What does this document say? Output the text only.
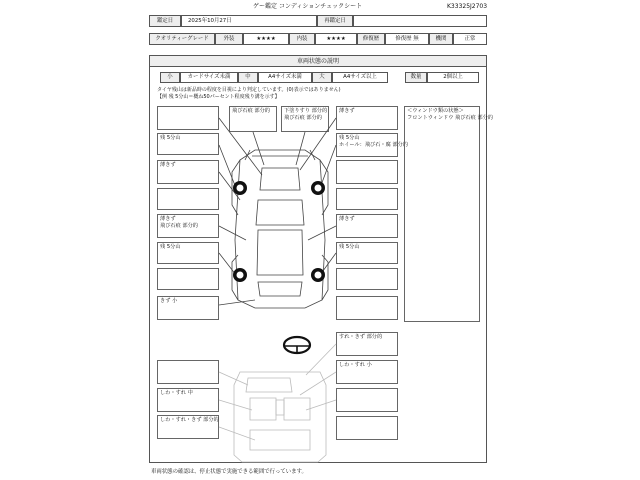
ゲー鑑定 コンディションチェックシート	K33325J2703
鑑定日	2025年10月27日	再鑑定日
クオリティーグレード	外装	★★★★	内装	★★★★	修復歴	修復歴 無	機関	正常
車両状態の説明
小	カードサイズ未満	中	A4サイズ未満	大	A4サイズ以上	数量	2個以上
タイヤ残山は新品時の程度を目視により判定しています。(0)表示ではありません)
【例 残 5分山＝概ね50パーセント程度残り溝を示す】
残 5分山
薄きず
薄きず
飛び石痕 部分的
残 5分山
きず 小
飛び石痕 部分的	下塗りすり 部分的
飛び石痕 部分的
薄きず
残 5分山
ホイール：飛び石・腐 部分的
薄きず
残 5分山
＜ウィンドウ類の状態＞
フロントウィンドウ 飛び石痕 部分的
すれ・きず 部分的
しわ・すれ 小
しわ・すれ 中
しわ・すれ・きず 部分的
車両状態の確認は、停止状態で実施できる範囲で行っています。
